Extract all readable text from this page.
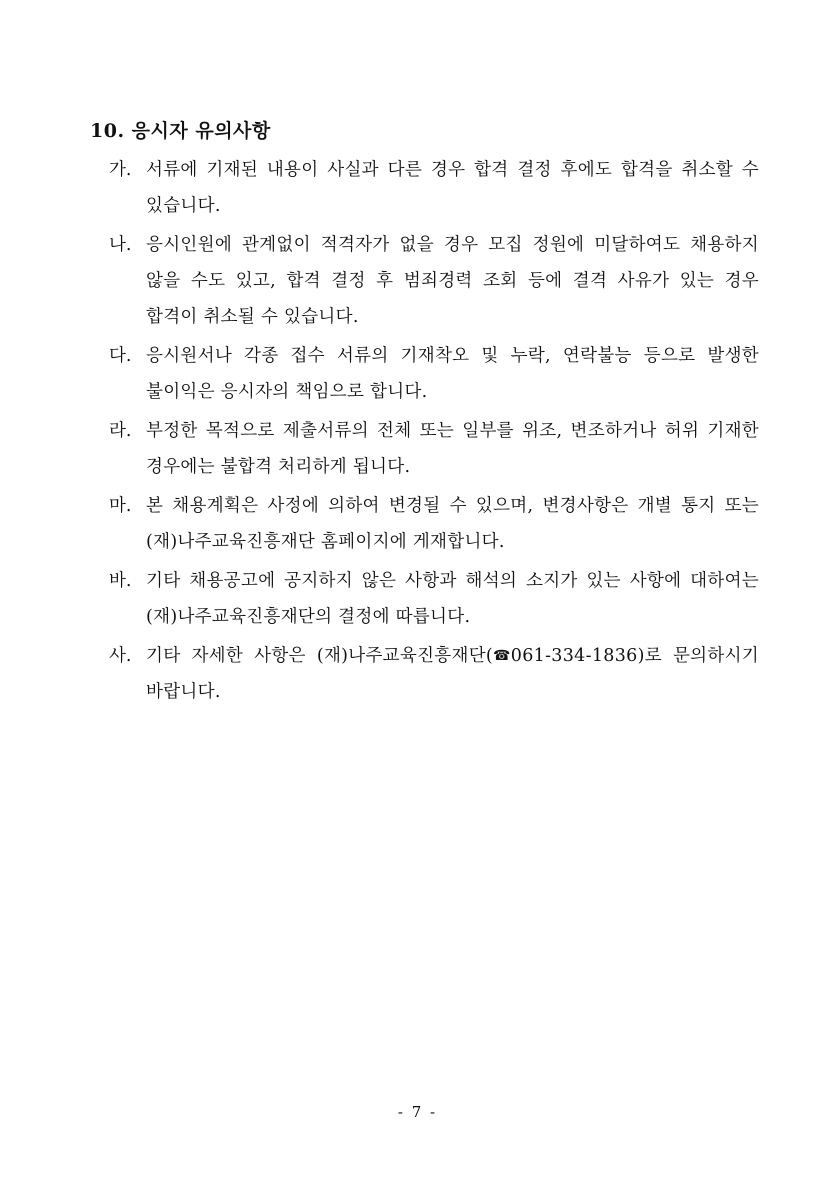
10. 응시자 유의사항
가. 서류에 기재된 내용이 사실과 다른 경우 합격 결정 후에도 합격을 취소할 수 있습니다.
나. 응시인원에 관계없이 적격자가 없을 경우 모집 정원에 미달하여도 채용하지 않을 수도 있고, 합격 결정 후 범죄경력 조회 등에 결격 사유가 있는 경우 합격이 취소될 수 있습니다.
다. 응시원서나 각종 접수 서류의 기재착오 및 누락, 연락불능 등으로 발생한 불이익은 응시자의 책임으로 합니다.
라. 부정한 목적으로 제출서류의 전체 또는 일부를 위조, 변조하거나 허위 기재한 경우에는 불합격 처리하게 됩니다.
마. 본 채용계획은 사정에 의하여 변경될 수 있으며, 변경사항은 개별 통지 또는 (재)나주교육진흥재단 홈페이지에 게재합니다.
바. 기타 채용공고에 공지하지 않은 사항과 해석의 소지가 있는 사항에 대하여는 (재)나주교육진흥재단의 결정에 따릅니다.
사. 기타 자세한 사항은 (재)나주교육진흥재단(☎061-334-1836)로 문의하시기 바랍니다.
- 7 -
